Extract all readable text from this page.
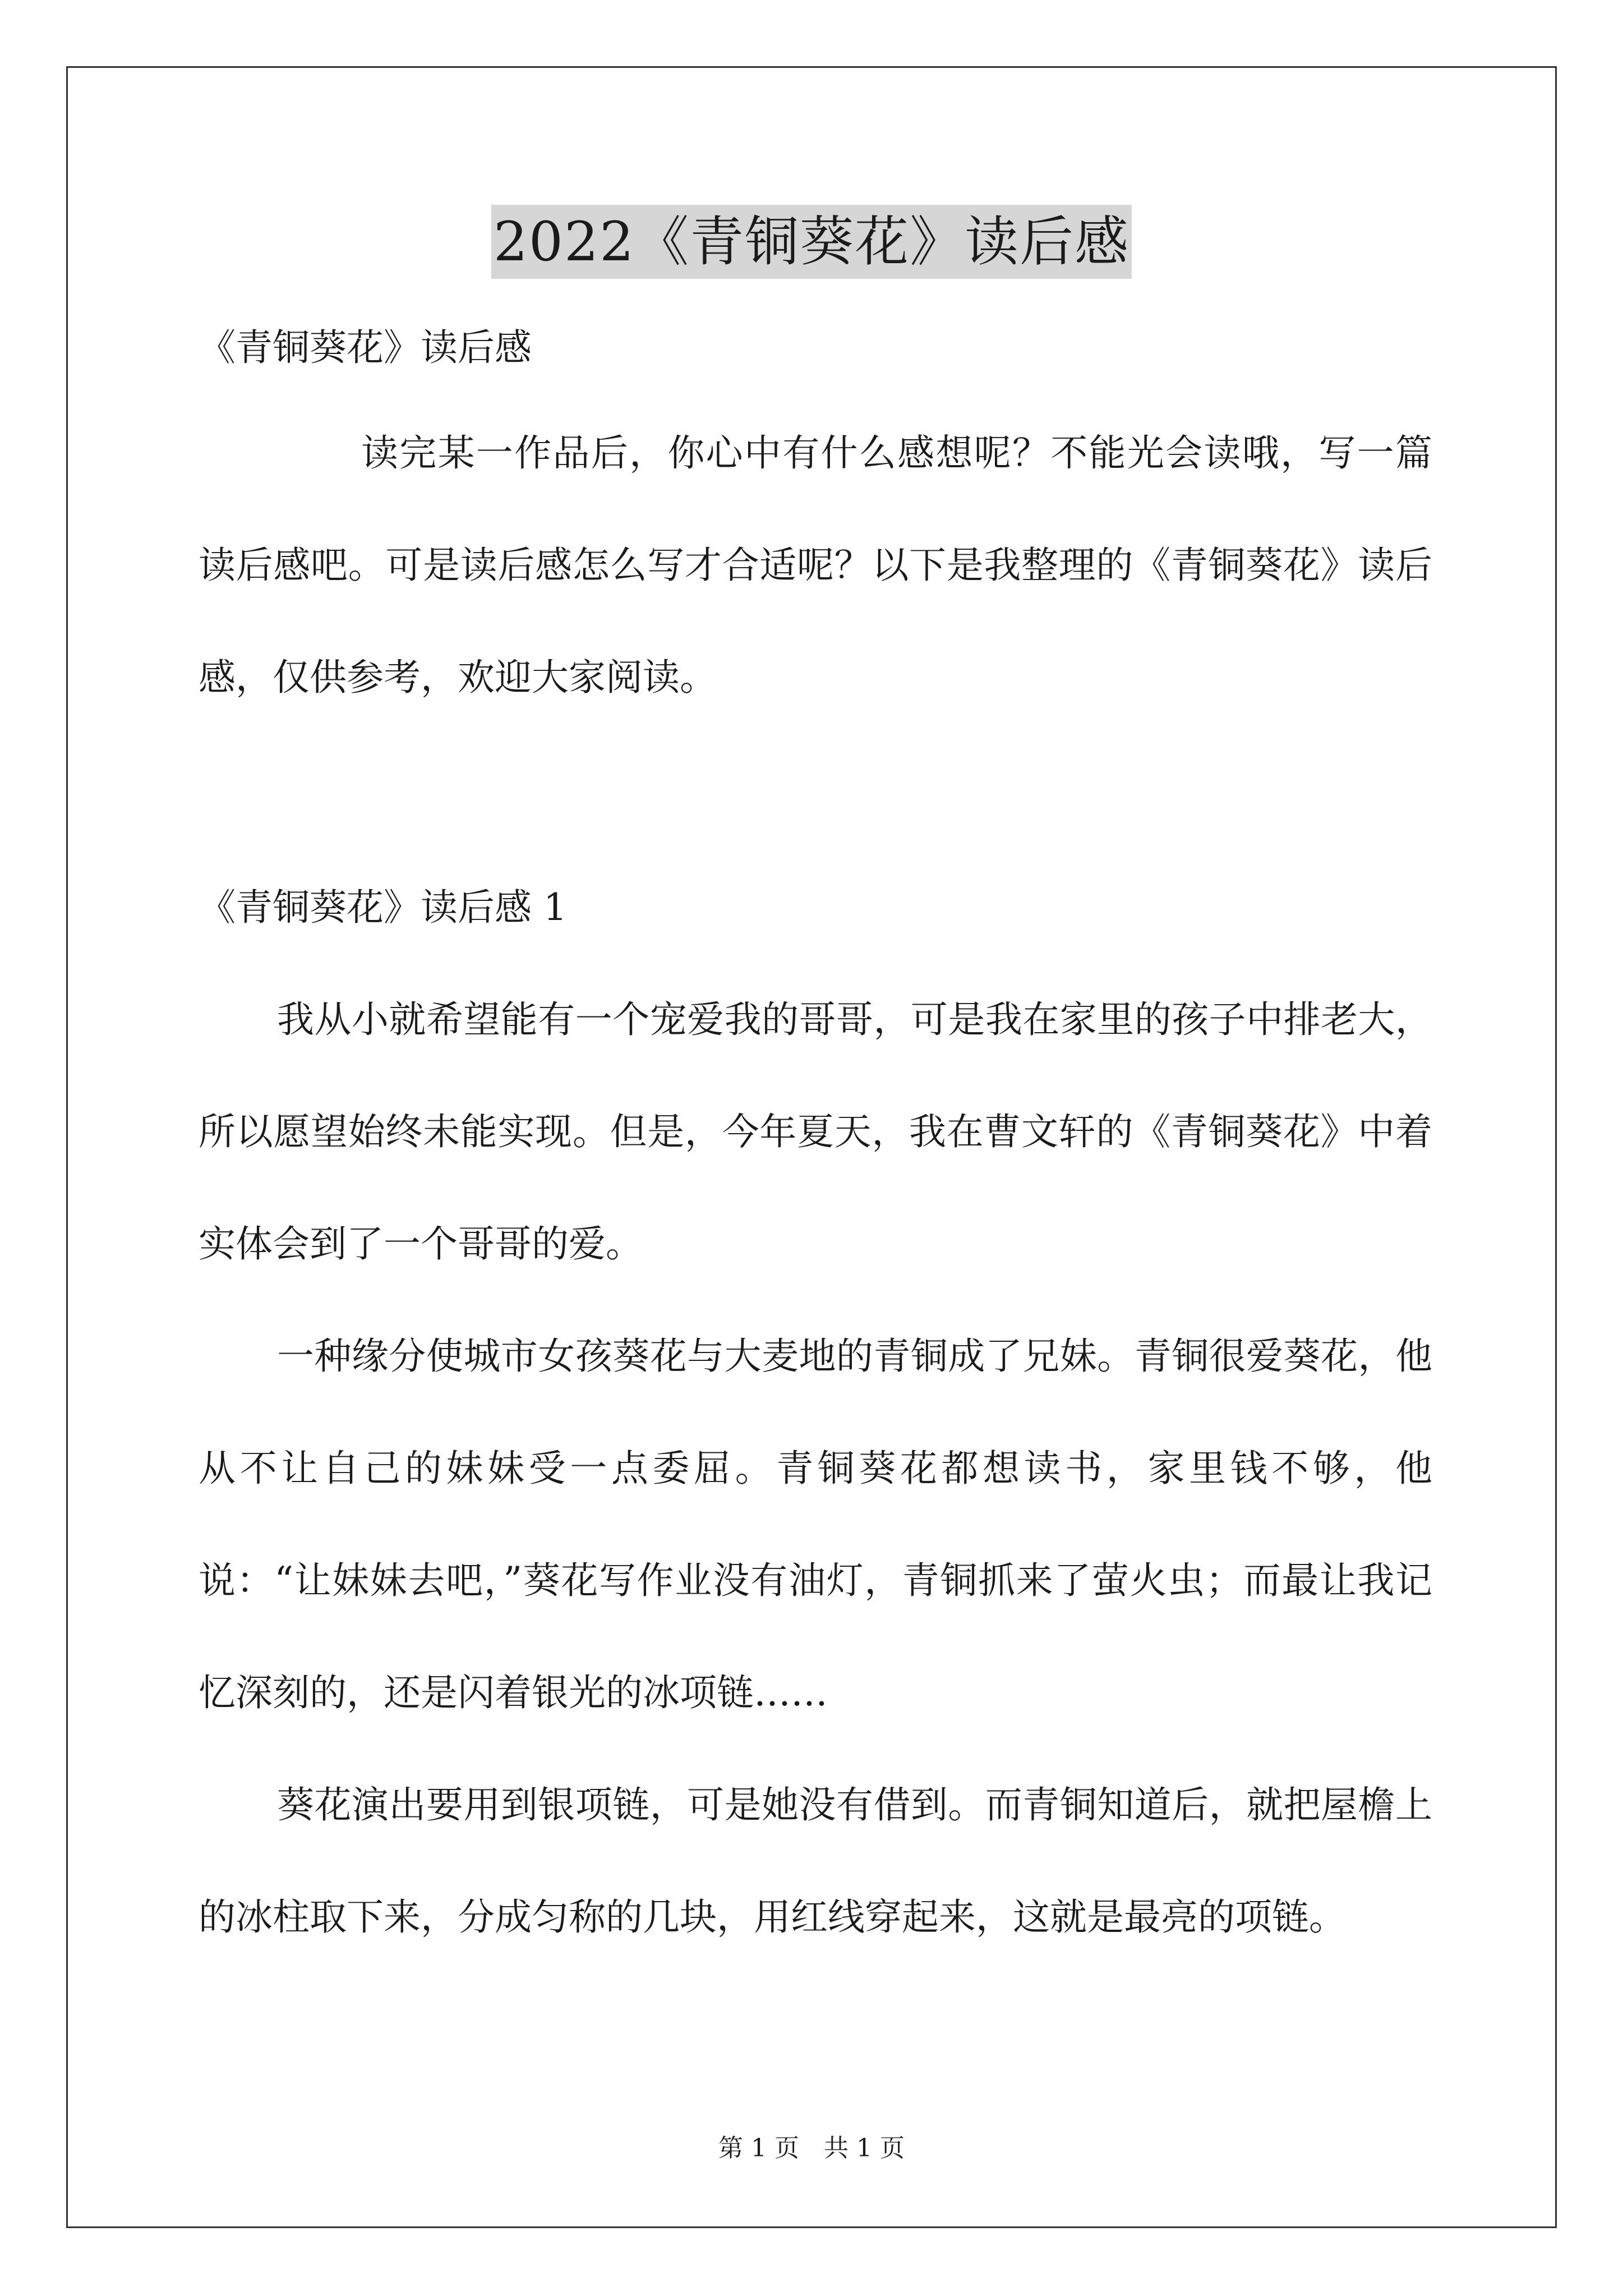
2022《青铜葵花》读后感

《青铜葵花》读后感

读完某一作品后，你心中有什么感想呢？不能光会读哦，写一篇读后感吧。可是读后感怎么写才合适呢？以下是我整理的《青铜葵花》读后感，仅供参考，欢迎大家阅读。

《青铜葵花》读后感 1

我从小就希望能有一个宠爱我的哥哥，可是我在家里的孩子中排老大，所以愿望始终未能实现。但是，今年夏天，我在曹文轩的《青铜葵花》中着实体会到了一个哥哥的爱。

一种缘分使城市女孩葵花与大麦地的青铜成了兄妹。青铜很爱葵花，他从不让自己的妹妹受一点委屈。青铜葵花都想读书，家里钱不够，他说：“让妹妹去吧，”葵花写作业没有油灯，青铜抓来了萤火虫；而最让我记忆深刻的，还是闪着银光的冰项链……

葵花演出要用到银项链，可是她没有借到。而青铜知道后，就把屋檐上的冰柱取下来，分成匀称的几块，用红线穿起来，这就是最亮的项链。

第 1 页　共 1 页
